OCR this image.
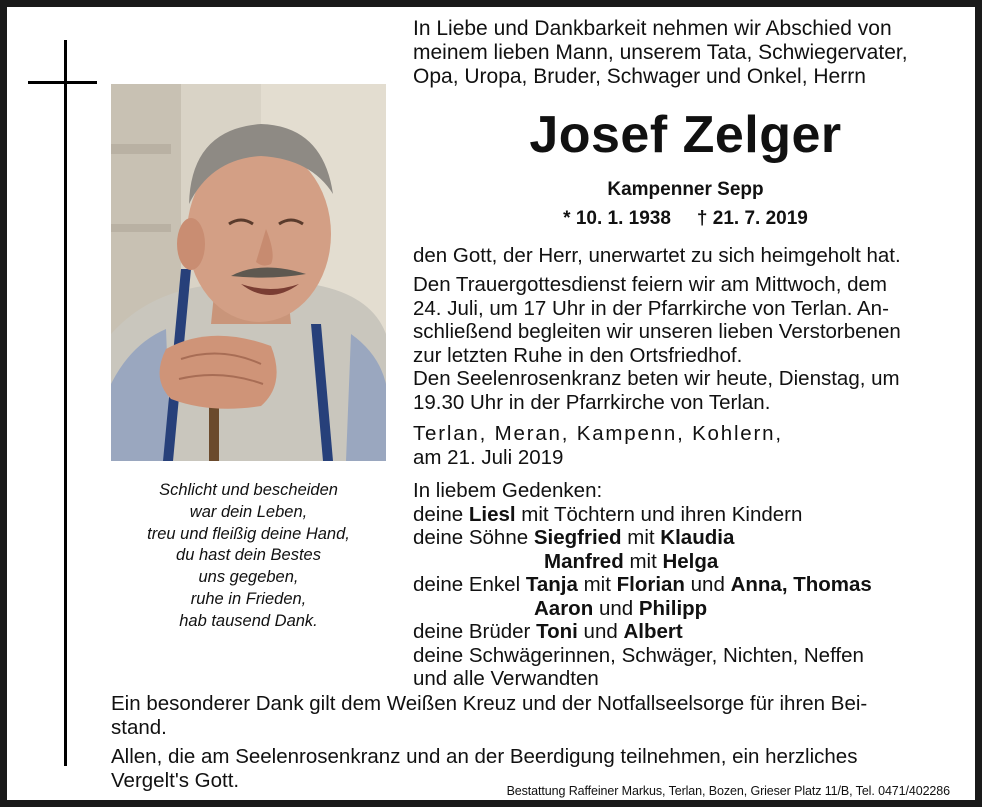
Schlicht und bescheiden
war dein Leben,
treu und fleißig deine Hand,
du hast dein Bestes
uns gegeben,
ruhe in Frieden,
hab tausend Dank.
In Liebe und Dankbarkeit nehmen wir Abschied von
meinem lieben Mann, unserem Tata, Schwiegervater,
Opa, Uropa, Bruder, Schwager und Onkel, Herrn
Josef Zelger
Kampenner Sepp
* 10. 1. 1938 † 21. 7. 2019
den Gott, der Herr, unerwartet zu sich heimgeholt hat.
Den Trauergottesdienst feiern wir am Mittwoch, dem
24. Juli, um 17 Uhr in der Pfarrkirche von Terlan. An-
schließend begleiten wir unseren lieben Verstorbenen
zur letzten Ruhe in den Ortsfriedhof.
Den Seelenrosenkranz beten wir heute, Dienstag, um
19.30 Uhr in der Pfarrkirche von Terlan.
Terlan, Meran, Kampenn, Kohlern,
am 21. Juli 2019
In liebem Gedenken:
deine Liesl mit Töchtern und ihren Kindern
deine Söhne Siegfried mit Klaudia
Manfred mit Helga
deine Enkel Tanja mit Florian und Anna, Thomas
Aaron und Philipp
deine Brüder Toni und Albert
deine Schwägerinnen, Schwäger, Nichten, Neffen
und alle Verwandten
Ein besonderer Dank gilt dem Weißen Kreuz und der Notfallseelsorge für ihren Bei-
stand.
Allen, die am Seelenrosenkranz und an der Beerdigung teilnehmen, ein herzliches
Vergelt's Gott.	Bestattung Raffeiner Markus, Terlan, Bozen, Grieser Platz 11/B, Tel. 0471/402286
